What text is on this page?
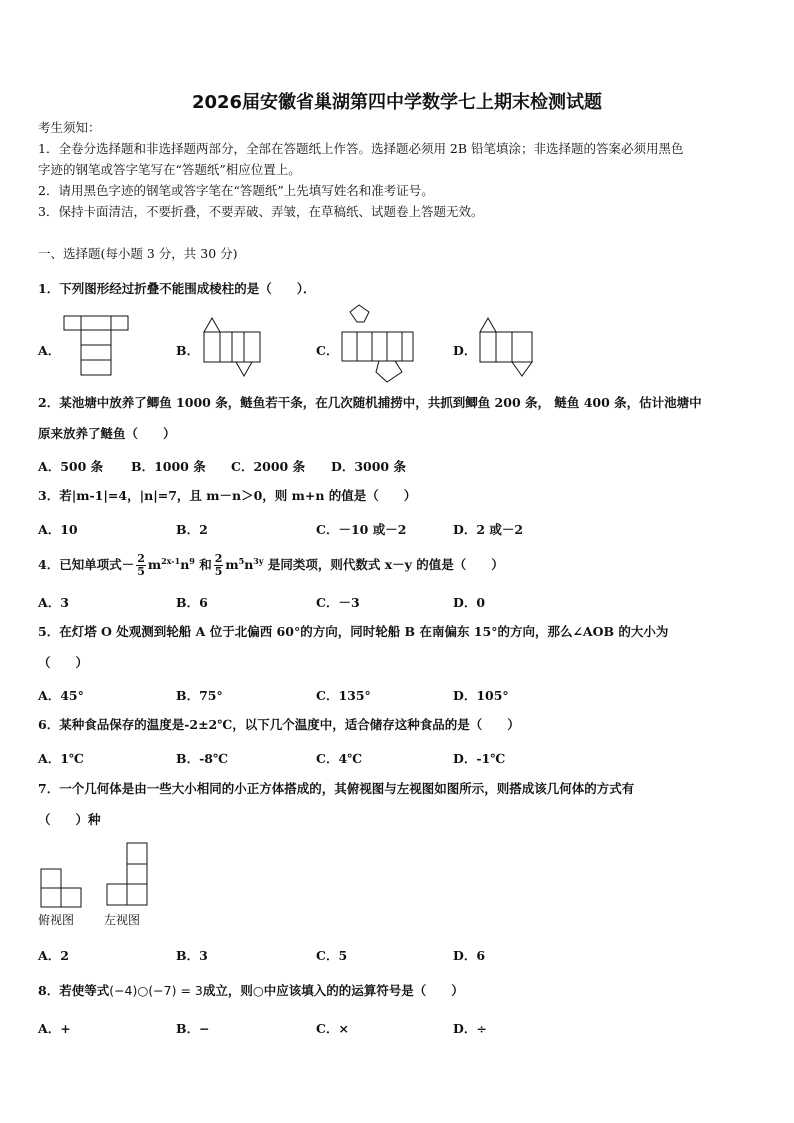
2026届安徽省巢湖第四中学数学七上期末检测试题
考生须知：
1．全卷分选择题和非选择题两部分，全部在答题纸上作答。选择题必须用 2B 铅笔填涂；非选择题的答案必须用黑色
字迹的钢笔或答字笔写在“答题纸”相应位置上。
2．请用黑色字迹的钢笔或答字笔在“答题纸”上先填写姓名和准考证号。
3．保持卡面清洁，不要折叠，不要弄破、弄皱，在草稿纸、试题卷上答题无效。
一、选择题(每小题 3 分，共 30 分)
1．下列图形经过折叠不能围成棱柱的是（　　）．
A．	B．	C．	D．
2．某池塘中放养了鲫鱼 1000 条，鲢鱼若干条，在几次随机捕捞中，共抓到鲫鱼 200 条， 鲢鱼 400 条，估计池塘中
原来放养了鲢鱼（　　）
A．500 条 B．1000 条 C．2000 条 D．3000 条
3．若|m-1|=4，|n|=7，且 m－n＞0，则 m+n 的值是（　　）
A．10	B．2	C．－10 或－2	D．2 或－2
4．已知单项式－ $\frac{2}{5} m^{2x-1}n^9$ 和 $\frac{2}{5} m^5n^{3y}$ 是同类项，则代数式 x－y 的值是（　　）
A．3	B．6	C．－3	D．0
5．在灯塔 O 处观测到轮船 A 位于北偏西 60°的方向，同时轮船 B 在南偏东 15°的方向，那么∠AOB 的大小为
（　　）
A．45°	B．75°	C．135°	D．105°
6．某种食品保存的温度是-2±2℃，以下几个温度中，适合储存这种食品的是（　　）
A．1℃	B．-8℃	C．4℃	D．-1℃
7．一个几何体是由一些大小相同的小正方体搭成的，其俯视图与左视图如图所示，则搭成该几何体的方式有
（　　）种
俯视图 左视图
A．2	B．3	C．5	D．6
8．若使等式(−4)○(−7) = 3成立，则○中应该填入的的运算符号是（　　）
A．+	B．−	C．×	D．÷
